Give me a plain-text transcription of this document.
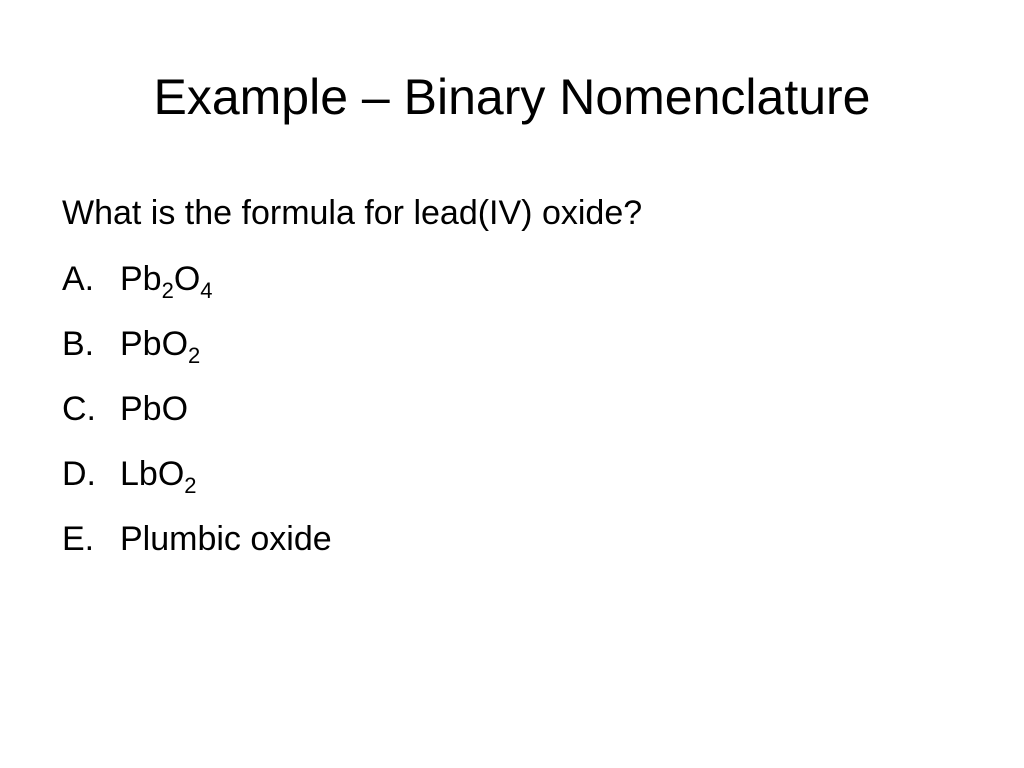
Example – Binary Nomenclature

What is the formula for lead(IV) oxide?

A. $Pb_2O_4$
B. PbO$_2$
C. PbO
D. LbO$_2$
E. Plumbic oxide
